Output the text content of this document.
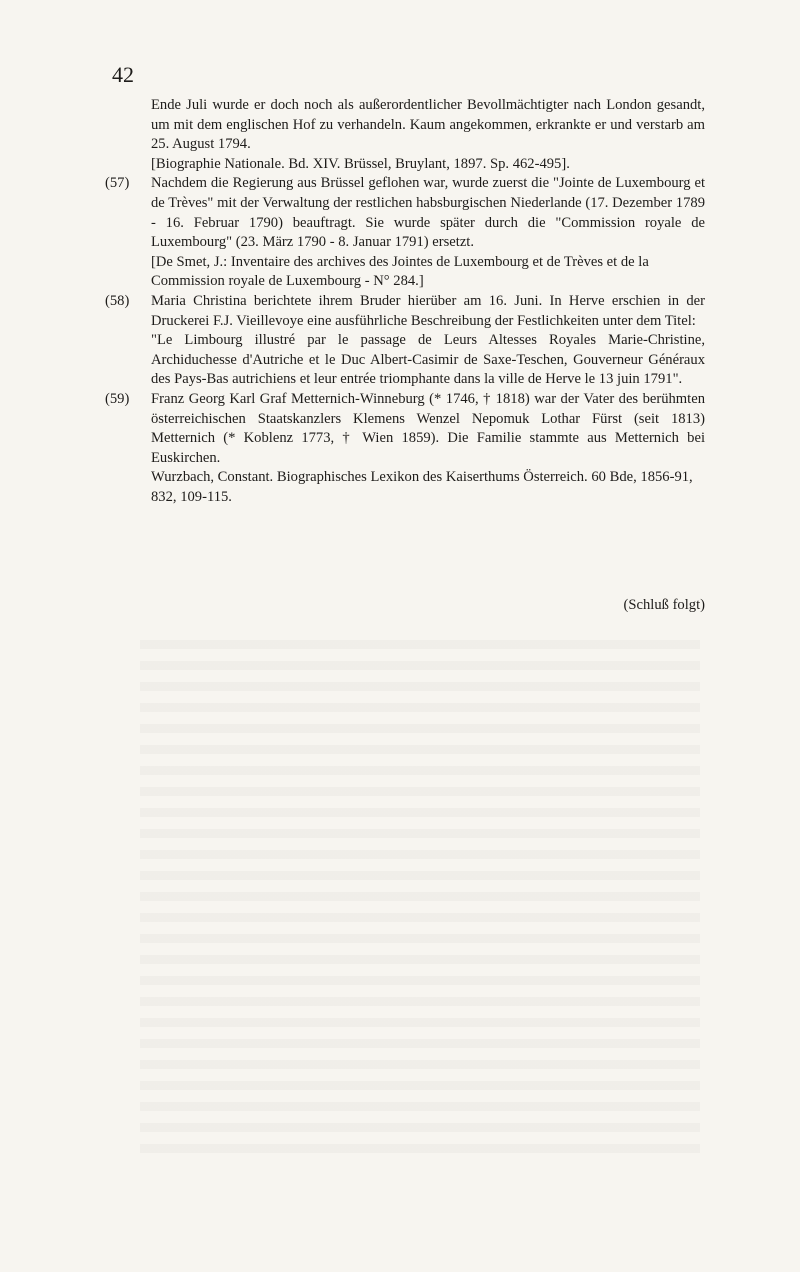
42

Ende Juli wurde er doch noch als außerordentlicher Bevollmächtigter nach London gesandt, um mit dem englischen Hof zu verhandeln. Kaum angekommen, erkrankte er und verstarb am 25. August 1794.

[Biographie Nationale. Bd. XIV. Brüssel, Bruylant, 1897. Sp. 462-495].

(57)	Nachdem die Regierung aus Brüssel geflohen war, wurde zuerst die "Jointe de Luxembourg et de Trèves" mit der Verwaltung der restlichen habsburgischen Niederlande (17. Dezember 1789 - 16. Februar 1790) beauftragt. Sie wurde später durch die "Commission royale de Luxembourg" (23. März 1790 - 8. Januar 1791) ersetzt.

[De Smet, J.: Inventaire des archives des Jointes de Luxembourg et de Trèves et de la Commission royale de Luxembourg - N° 284.]

(58)	Maria Christina berichtete ihrem Bruder hierüber am 16. Juni. In Herve erschien in der Druckerei F.J. Vieillevoye eine ausführliche Beschreibung der Festlichkeiten unter dem Titel:

"Le Limbourg illustré par le passage de Leurs Altesses Royales Marie-Christine, Archiduchesse d'Autriche et le Duc Albert-Casimir de Saxe-Teschen, Gouverneur Généraux des Pays-Bas autrichiens et leur entrée triomphante dans la ville de Herve le 13 juin 1791".

(59)	Franz Georg Karl Graf Metternich-Winneburg (* 1746, † 1818) war der Vater des berühmten österreichischen Staatskanzlers Klemens Wenzel Nepomuk Lothar Fürst (seit 1813) Metternich (* Koblenz 1773, † Wien 1859). Die Familie stammte aus Metternich bei Euskirchen.

Wurzbach, Constant. Biographisches Lexikon des Kaiserthums Österreich. 60 Bde, 1856-91, 832, 109-115.

(Schluß folgt)
